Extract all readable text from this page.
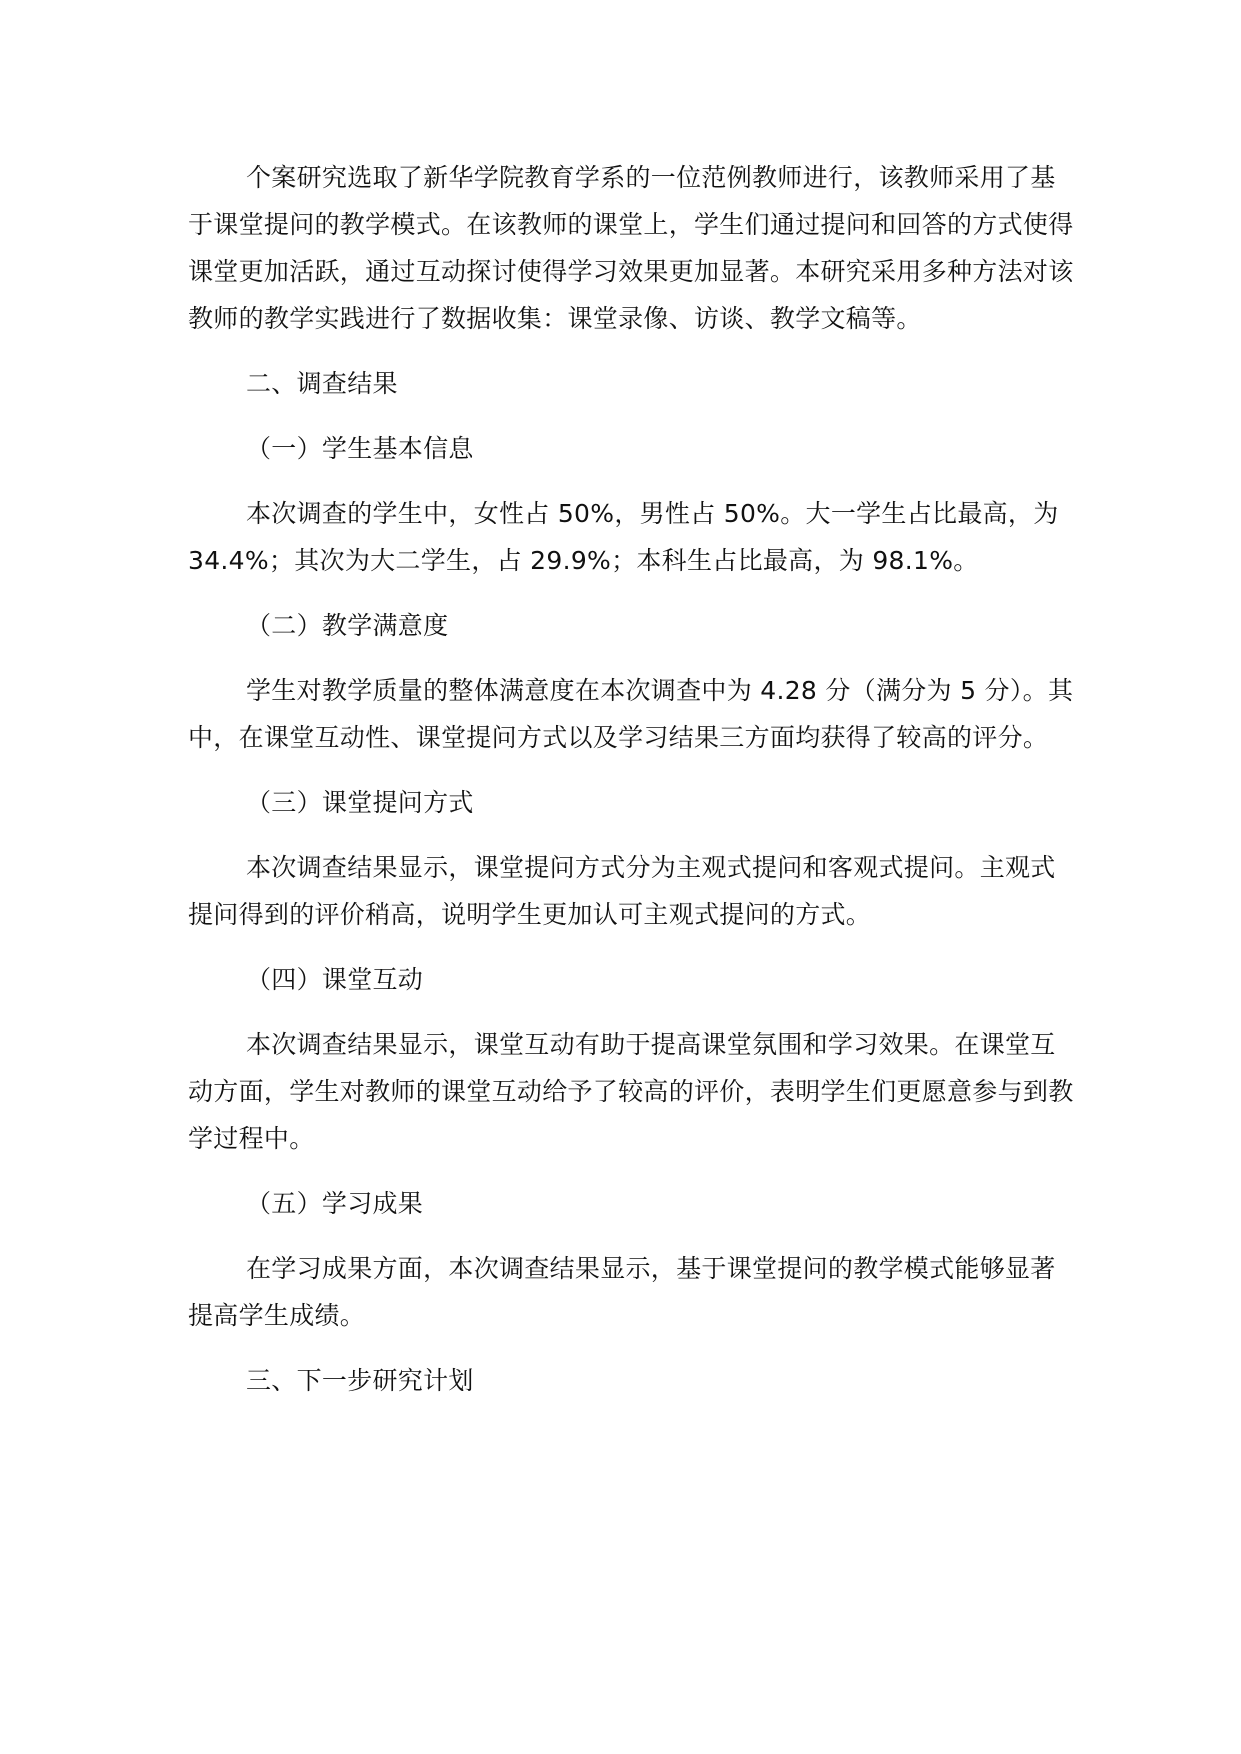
个案研究选取了新华学院教育学系的一位范例教师进行，该教师采用了基于课堂提问的教学模式。在该教师的课堂上，学生们通过提问和回答的方式使得课堂更加活跃，通过互动探讨使得学习效果更加显著。本研究采用多种方法对该教师的教学实践进行了数据收集：课堂录像、访谈、教学文稿等。

二、调查结果

（一）学生基本信息

本次调查的学生中，女性占 50%，男性占 50%。大一学生占比最高，为 34.4%；其次为大二学生，占 29.9%；本科生占比最高，为 98.1%。

（二）教学满意度

学生对教学质量的整体满意度在本次调查中为 4.28 分（满分为 5 分）。其中，在课堂互动性、课堂提问方式以及学习结果三方面均获得了较高的评分。

（三）课堂提问方式

本次调查结果显示，课堂提问方式分为主观式提问和客观式提问。主观式提问得到的评价稍高，说明学生更加认可主观式提问的方式。

（四）课堂互动

本次调查结果显示，课堂互动有助于提高课堂氛围和学习效果。在课堂互动方面，学生对教师的课堂互动给予了较高的评价，表明学生们更愿意参与到教学过程中。

（五）学习成果

在学习成果方面，本次调查结果显示，基于课堂提问的教学模式能够显著提高学生成绩。

三、下一步研究计划
